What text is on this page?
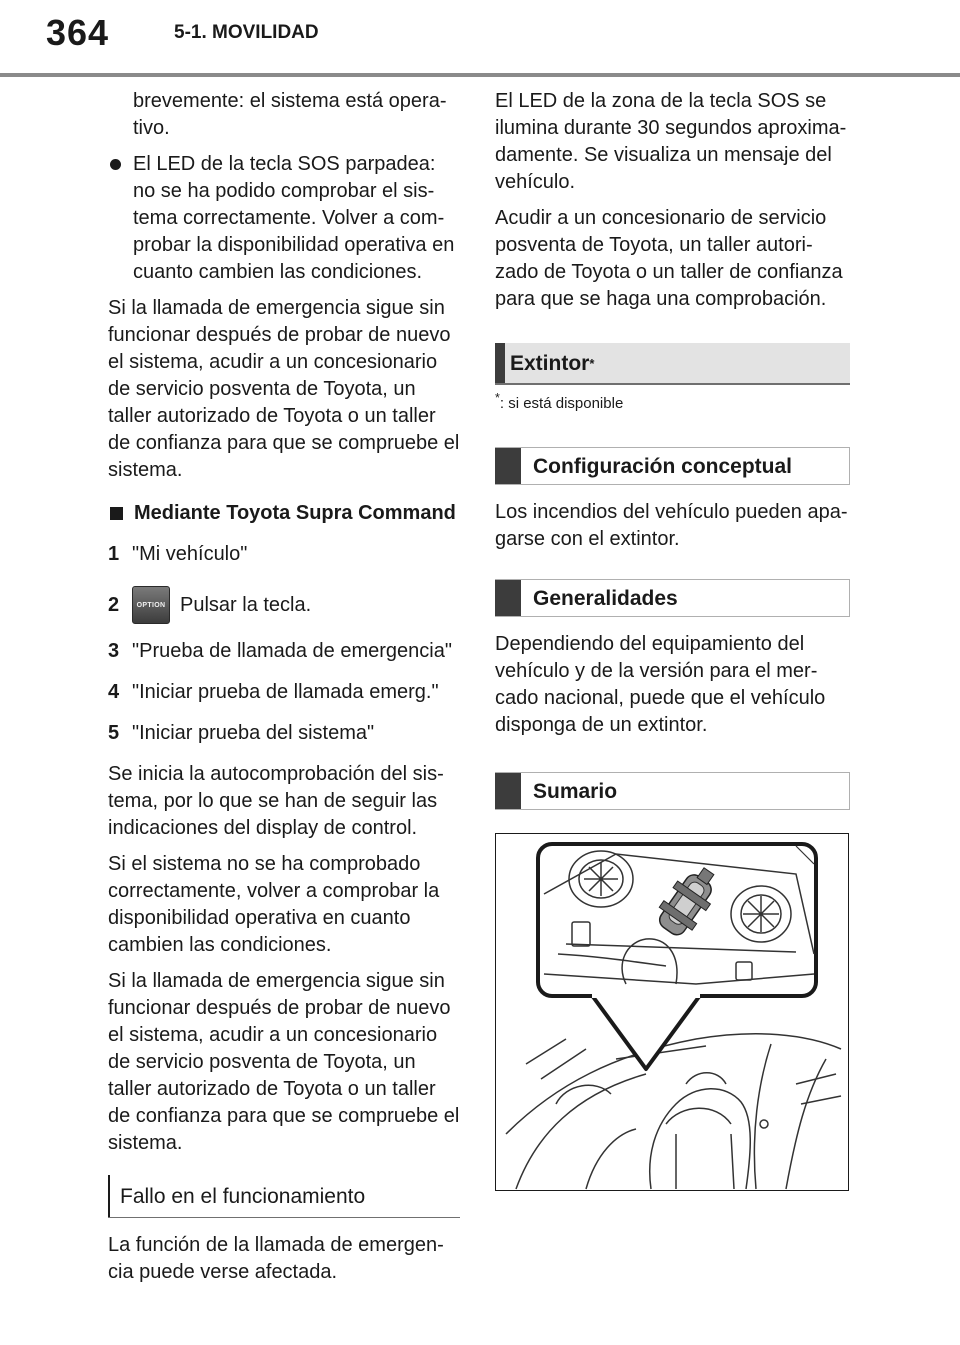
364	5-1. MOVILIDAD

brevemente: el sistema está opera-tivo.

El LED de la tecla SOS parpadea: no se ha podido comprobar el sis-tema correctamente. Volver a com-probar la disponibilidad operativa en cuanto cambien las condiciones.

Si la llamada de emergencia sigue sin funcionar después de probar de nuevo el sistema, acudir a un concesionario de servicio posventa de Toyota, un taller autorizado de Toyota o un taller de confianza para que se compruebe el sistema.

Mediante Toyota Supra Command
1 "Mi vehículo"
2	OPTION Pulsar la tecla.
3 "Prueba de llamada de emergencia"
4 "Iniciar prueba de llamada emerg."
5 "Iniciar prueba del sistema"

Se inicia la autocomprobación del sis-tema, por lo que se han de seguir las indicaciones del display de control.

Si el sistema no se ha comprobado correctamente, volver a comprobar la disponibilidad operativa en cuanto cambien las condiciones.

Si la llamada de emergencia sigue sin funcionar después de probar de nuevo el sistema, acudir a un concesionario de servicio posventa de Toyota, un taller autorizado de Toyota o un taller de confianza para que se compruebe el sistema.

Fallo en el funcionamiento

La función de la llamada de emergen-cia puede verse afectada.

El LED de la zona de la tecla SOS se ilumina durante 30 segundos aproxima-damente. Se visualiza un mensaje del vehículo.

Acudir a un concesionario de servicio posventa de Toyota, un taller autori-zado de Toyota o un taller de confianza para que se haga una comprobación.

Extintor *

*: si está disponible

Configuración conceptual

Los incendios del vehículo pueden apa-garse con el extintor.

Generalidades

Dependiendo del equipamiento del vehículo y de la versión para el mer-cado nacional, puede que el vehículo disponga de un extintor.

Sumario
